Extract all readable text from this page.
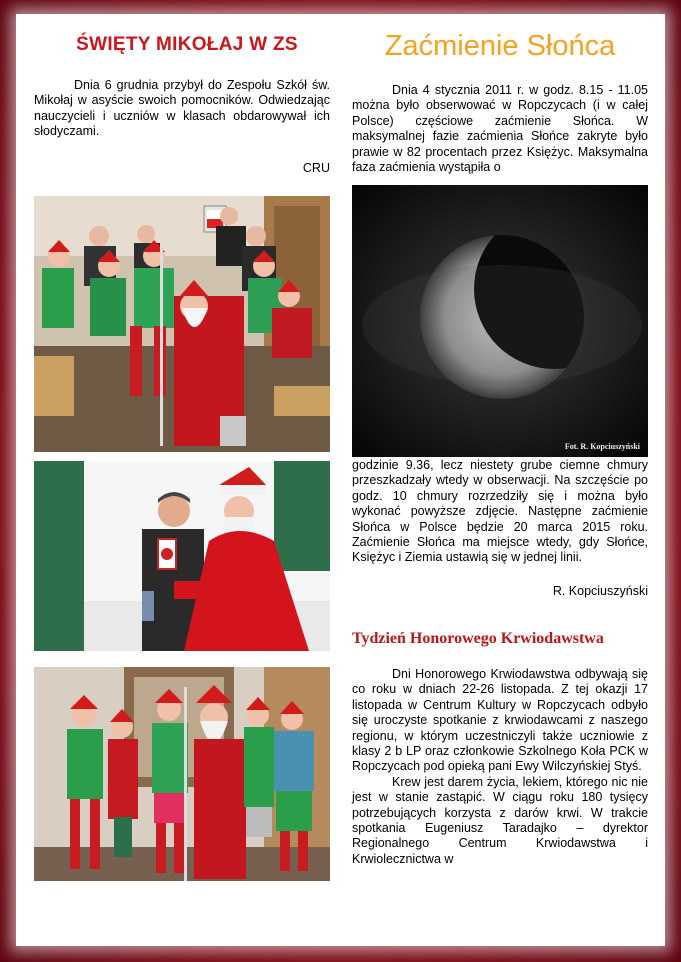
ŚWIĘTY MIKOŁAJ W ZS
Dnia 6 grudnia przybył do Zespołu Szkół św. Mikołaj w asyście swoich pomocników. Odwiedzając nauczycieli i uczniów w klasach obdarowywał ich słodyczami.
CRU
Zaćmienie Słońca
Dnia 4 stycznia 2011 r. w godz. 8.15 - 11.05 można było obserwować w Ropczycach (i w całej Polsce) częściowe zaćmienie Słońca. W maksymalnej fazie zaćmienia Słońce zakryte było prawie w 82 procentach przez Księżyc. Maksymalna faza zaćmienia wystąpiła o
Fot. R. Kopciuszyński
godzinie 9.36, lecz niestety grube ciemne chmury przeszkadzały wtedy w obserwacji. Na szczęście po godz. 10 chmury rozrzedziły się i można było wykonać powyższe zdjęcie. Następne zaćmienie Słońca w Polsce będzie 20 marca 2015 roku. Zaćmienie Słońca ma miejsce wtedy, gdy Słońce, Księżyc i Ziemia ustawią się w jednej linii.
R. Kopciuszyński
Tydzień Honorowego Krwiodawstwa
Dni Honorowego Krwiodawstwa odbywają się co roku w dniach 22-26 listopada. Z tej okazji 17 listopada w Centrum Kultury w Ropczycach odbyło się uroczyste spotkanie z krwiodawcami z naszego regionu, w którym uczestniczyli także uczniowie z klasy 2 b LP oraz członkowie Szkolnego Koła PCK w Ropczycach pod opieką pani Ewy Wilczyńskiej Styś.
Krew jest darem życia, lekiem, którego nic nie jest w stanie zastąpić. W ciągu roku 180 tysięcy potrzebujących korzysta z darów krwi. W trakcie spotkania Eugeniusz Taradajko – dyrektor Regionalnego Centrum Krwiodawstwa i Krwiolecznictwa w
